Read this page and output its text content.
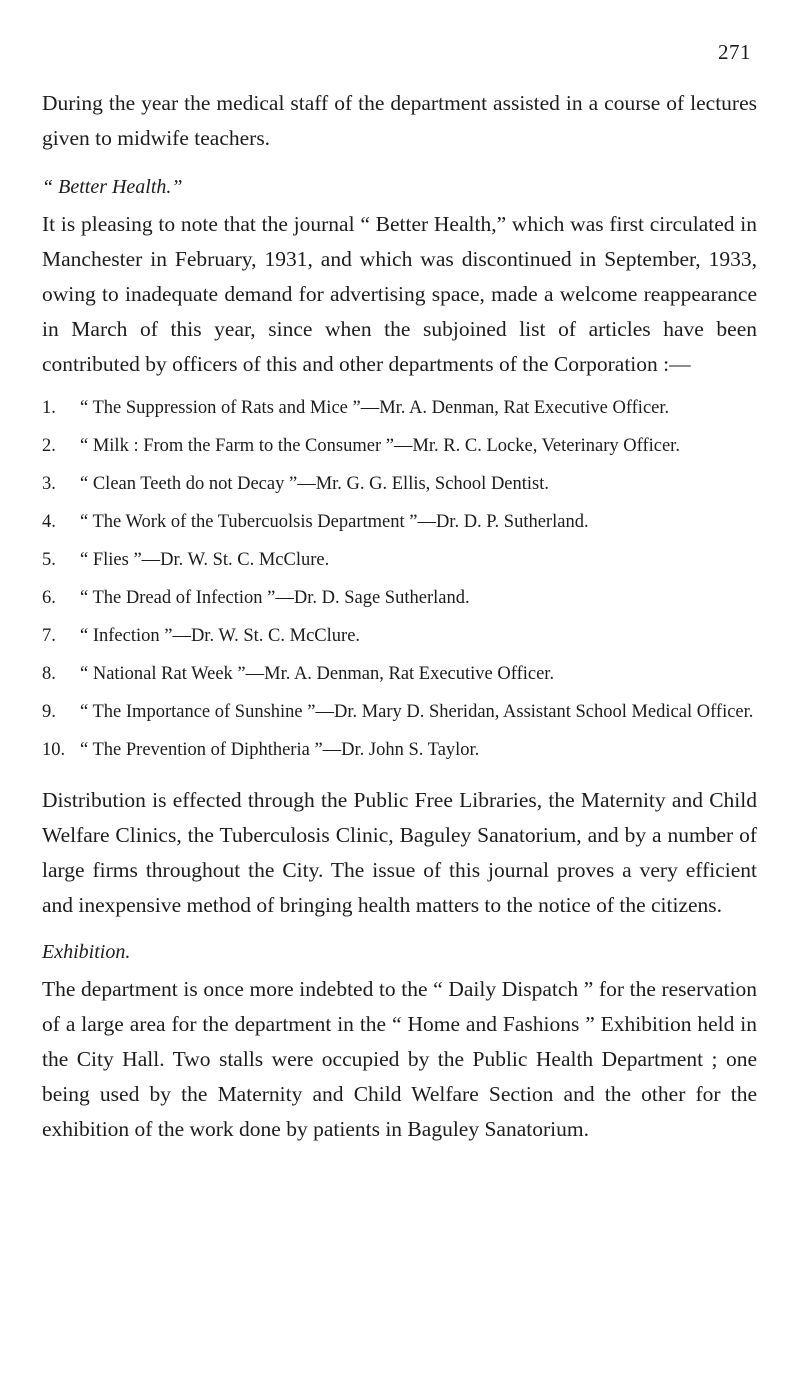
271

During the year the medical staff of the department assisted in a course of lectures given to midwife teachers.

“ Better Health.”

It is pleasing to note that the journal “ Better Health,” which was first circulated in Manchester in February, 1931, and which was discontinued in September, 1933, owing to inadequate demand for advertising space, made a welcome reappearance in March of this year, since when the subjoined list of articles have been contributed by officers of this and other departments of the Corporation :—

1.	“ The Suppression of Rats and Mice ”—Mr. A. Denman, Rat Executive Officer.
2.	“ Milk : From the Farm to the Consumer ”—Mr. R. C. Locke, Veterinary Officer.
3.	“ Clean Teeth do not Decay ”—Mr. G. G. Ellis, School Dentist.
4.	“ The Work of the Tubercuolsis Department ”—Dr. D. P. Sutherland.
5.	“ Flies ”—Dr. W. St. C. McClure.
6.	“ The Dread of Infection ”—Dr. D. Sage Sutherland.
7.	“ Infection ”—Dr. W. St. C. McClure.
8.	“ National Rat Week ”—Mr. A. Denman, Rat Executive Officer.
9.	“ The Importance of Sunshine ”—Dr. Mary D. Sheridan, Assistant School Medical Officer.
10. “ The Prevention of Diphtheria ”—Dr. John S. Taylor.

Distribution is effected through the Public Free Libraries, the Maternity and Child Welfare Clinics, the Tuberculosis Clinic, Baguley Sanatorium, and by a number of large firms throughout the City. The issue of this journal proves a very efficient and inexpensive method of bringing health matters to the notice of the citizens.

Exhibition.

The department is once more indebted to the “ Daily Dispatch ” for the reservation of a large area for the department in the “ Home and Fashions ” Exhibition held in the City Hall. Two stalls were occupied by the Public Health Department ; one being used by the Maternity and Child Welfare Section and the other for the exhibition of the work done by patients in Baguley Sanatorium.
